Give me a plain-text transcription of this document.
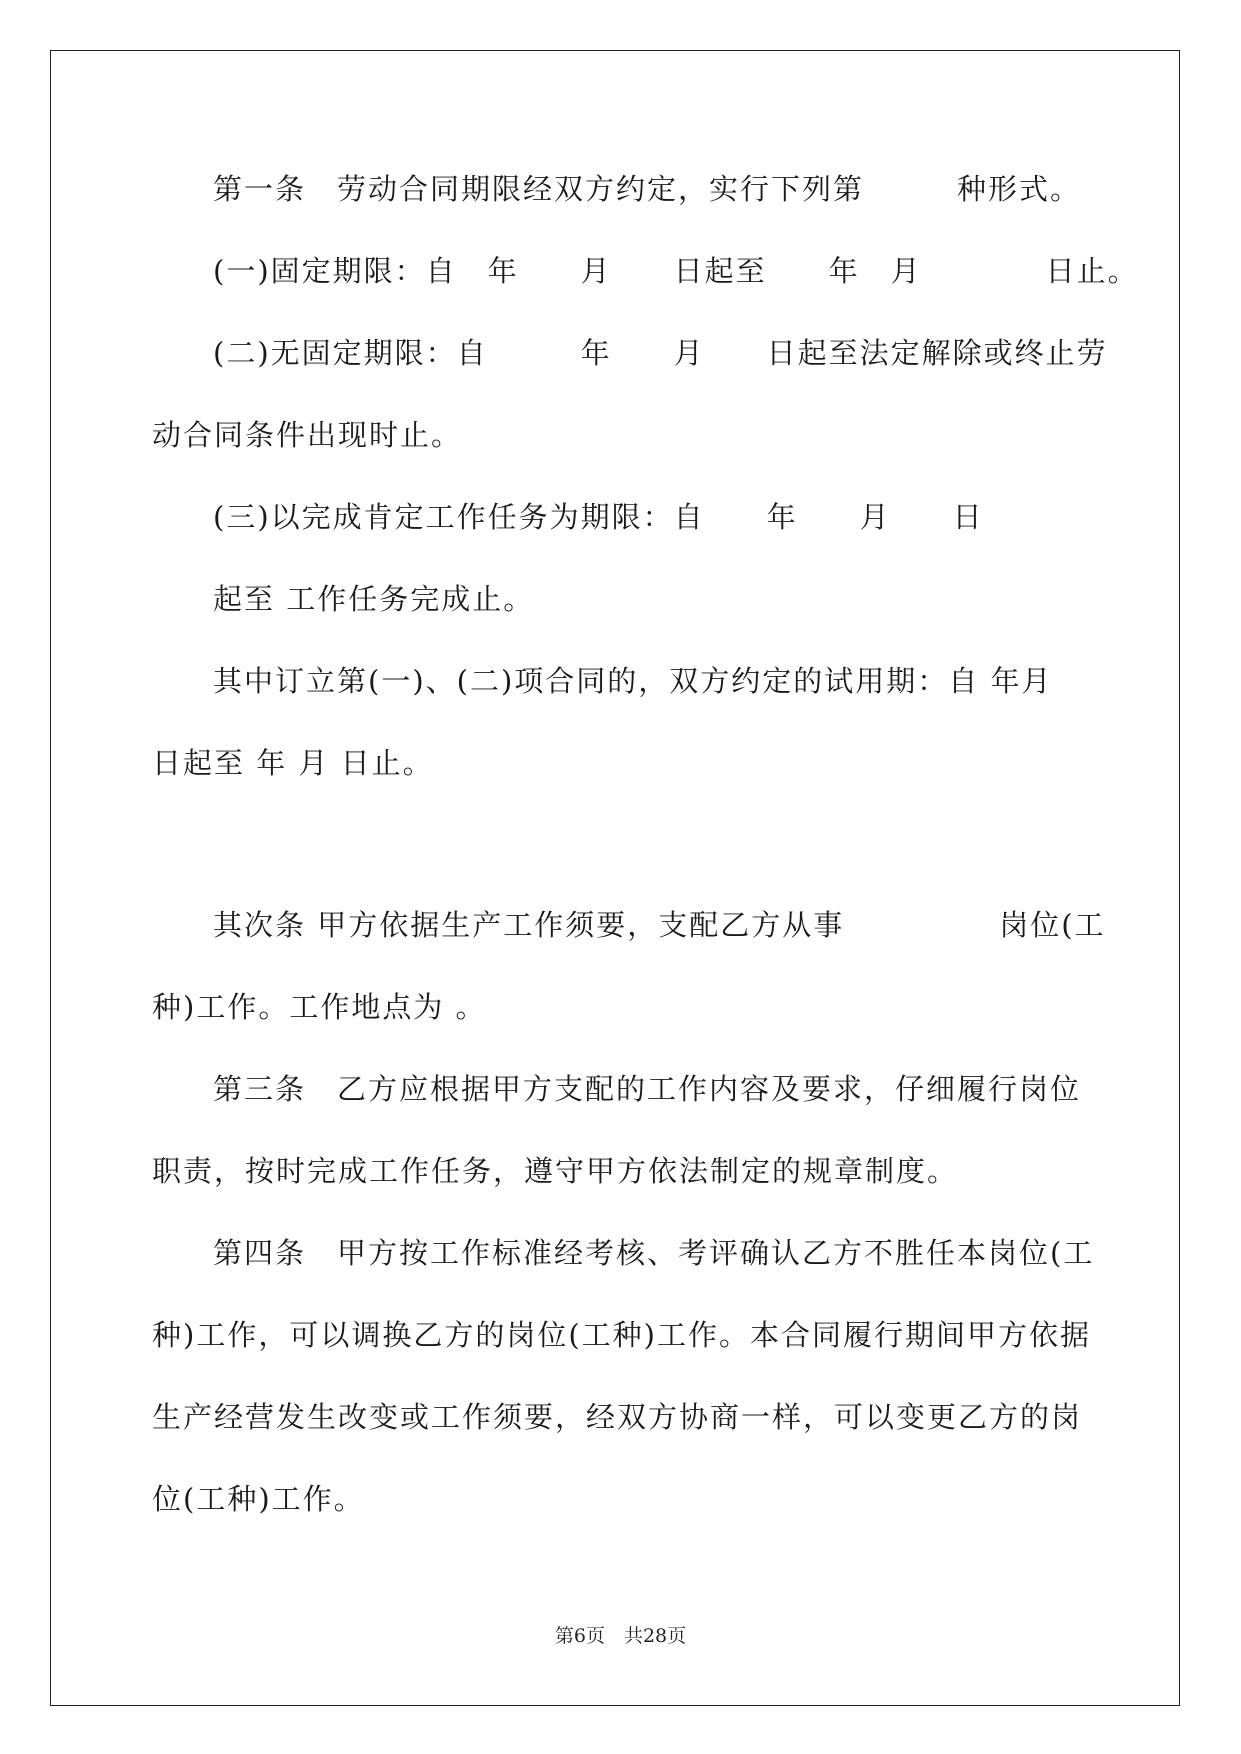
第一条　劳动合同期限经双方约定，实行下列第　　　种形式。
(一)固定期限：自　年　　月　　日起至　　年　月　　　　日止。
(二)无固定期限：自　　　年　　月　　日起至法定解除或终止劳
动合同条件出现时止。
(三)以完成肯定工作任务为期限：自　　年　　月　　日
起至 工作任务完成止。
其中订立第(一)、(二)项合同的，双方约定的试用期：自 年月
日起至 年 月 日止。
其次条 甲方依据生产工作须要，支配乙方从事　　　　　岗位(工
种)工作。工作地点为 。
第三条　乙方应根据甲方支配的工作内容及要求，仔细履行岗位
职责，按时完成工作任务，遵守甲方依法制定的规章制度。
第四条　甲方按工作标准经考核、考评确认乙方不胜任本岗位(工
种)工作，可以调换乙方的岗位(工种)工作。本合同履行期间甲方依据
生产经营发生改变或工作须要，经双方协商一样，可以变更乙方的岗
位(工种)工作。
第6页　共28页
